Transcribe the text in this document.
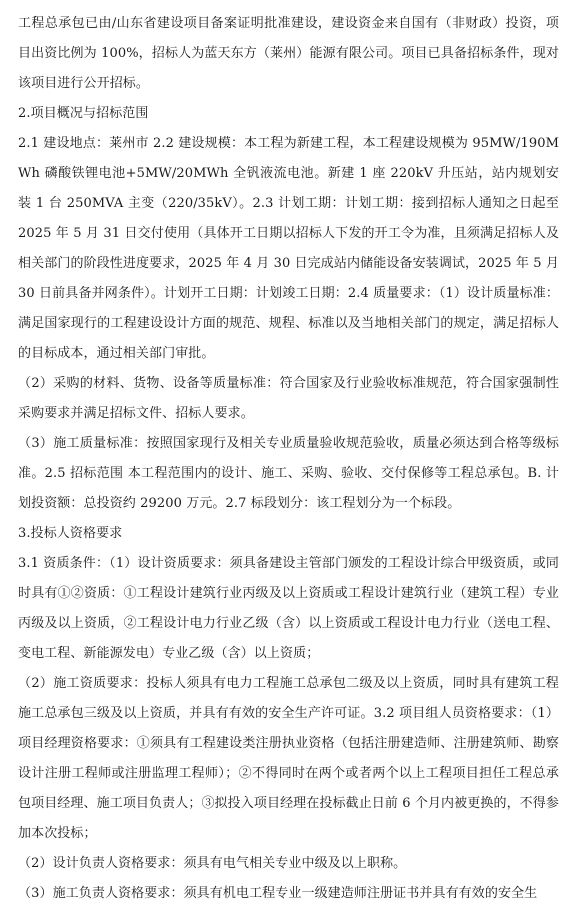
工程总承包已由/山东省建设项目备案证明批准建设，建设资金来自国有（非财政）投资，项目出资比例为 100%，招标人为蓝天东方（莱州）能源有限公司。项目已具备招标条件，现对该项目进行公开招标。

2.项目概况与招标范围

2.1 建设地点：莱州市 2.2 建设规模：本工程为新建工程，本工程建设规模为 95MW/190MWh 磷酸铁锂电池+5MW/20MWh 全钒液流电池。新建 1 座 220kV 升压站，站内规划安装 1 台 250MVA 主变（220/35kV）。2.3 计划工期：计划工期：接到招标人通知之日起至 2025 年 5 月 31 日交付使用（具体开工日期以招标人下发的开工令为准，且须满足招标人及相关部门的阶段性进度要求，2025 年 4 月 30 日完成站内储能设备安装调试，2025 年 5 月 30 日前具备并网条件）。计划开工日期：计划竣工日期：2.4 质量要求：（1）设计质量标准：满足国家现行的工程建设设计方面的规范、规程、标准以及当地相关部门的规定，满足招标人的目标成本，通过相关部门审批。

（2）采购的材料、货物、设备等质量标准：符合国家及行业验收标准规范，符合国家强制性采购要求并满足招标文件、招标人要求。

（3）施工质量标准：按照国家现行及相关专业质量验收规范验收，质量必须达到合格等级标准。2.5 招标范围 本工程范围内的设计、施工、采购、验收、交付保修等工程总承包。B. 计划投资额：总投资约 29200 万元。2.7 标段划分：该工程划分为一个标段。

3.投标人资格要求

3.1 资质条件：（1）设计资质要求：须具备建设主管部门颁发的工程设计综合甲级资质，或同时具有①②资质：①工程设计建筑行业丙级及以上资质或工程设计建筑行业（建筑工程）专业丙级及以上资质，②工程设计电力行业乙级（含）以上资质或工程设计电力行业（送电工程、变电工程、新能源发电）专业乙级（含）以上资质；

（2）施工资质要求：投标人须具有电力工程施工总承包二级及以上资质，同时具有建筑工程施工总承包三级及以上资质，并具有有效的安全生产许可证。3.2 项目组人员资格要求：（1）项目经理资格要求：①须具有工程建设类注册执业资格（包括注册建造师、注册建筑师、勘察设计注册工程师或注册监理工程师）；②不得同时在两个或者两个以上工程项目担任工程总承包项目经理、施工项目负责人；③拟投入项目经理在投标截止日前 6 个月内被更换的，不得参加本次投标；

（2）设计负责人资格要求：须具有电气相关专业中级及以上职称。

（3）施工负责人资格要求：须具有机电工程专业一级建造师注册证书并具有有效的安全生
